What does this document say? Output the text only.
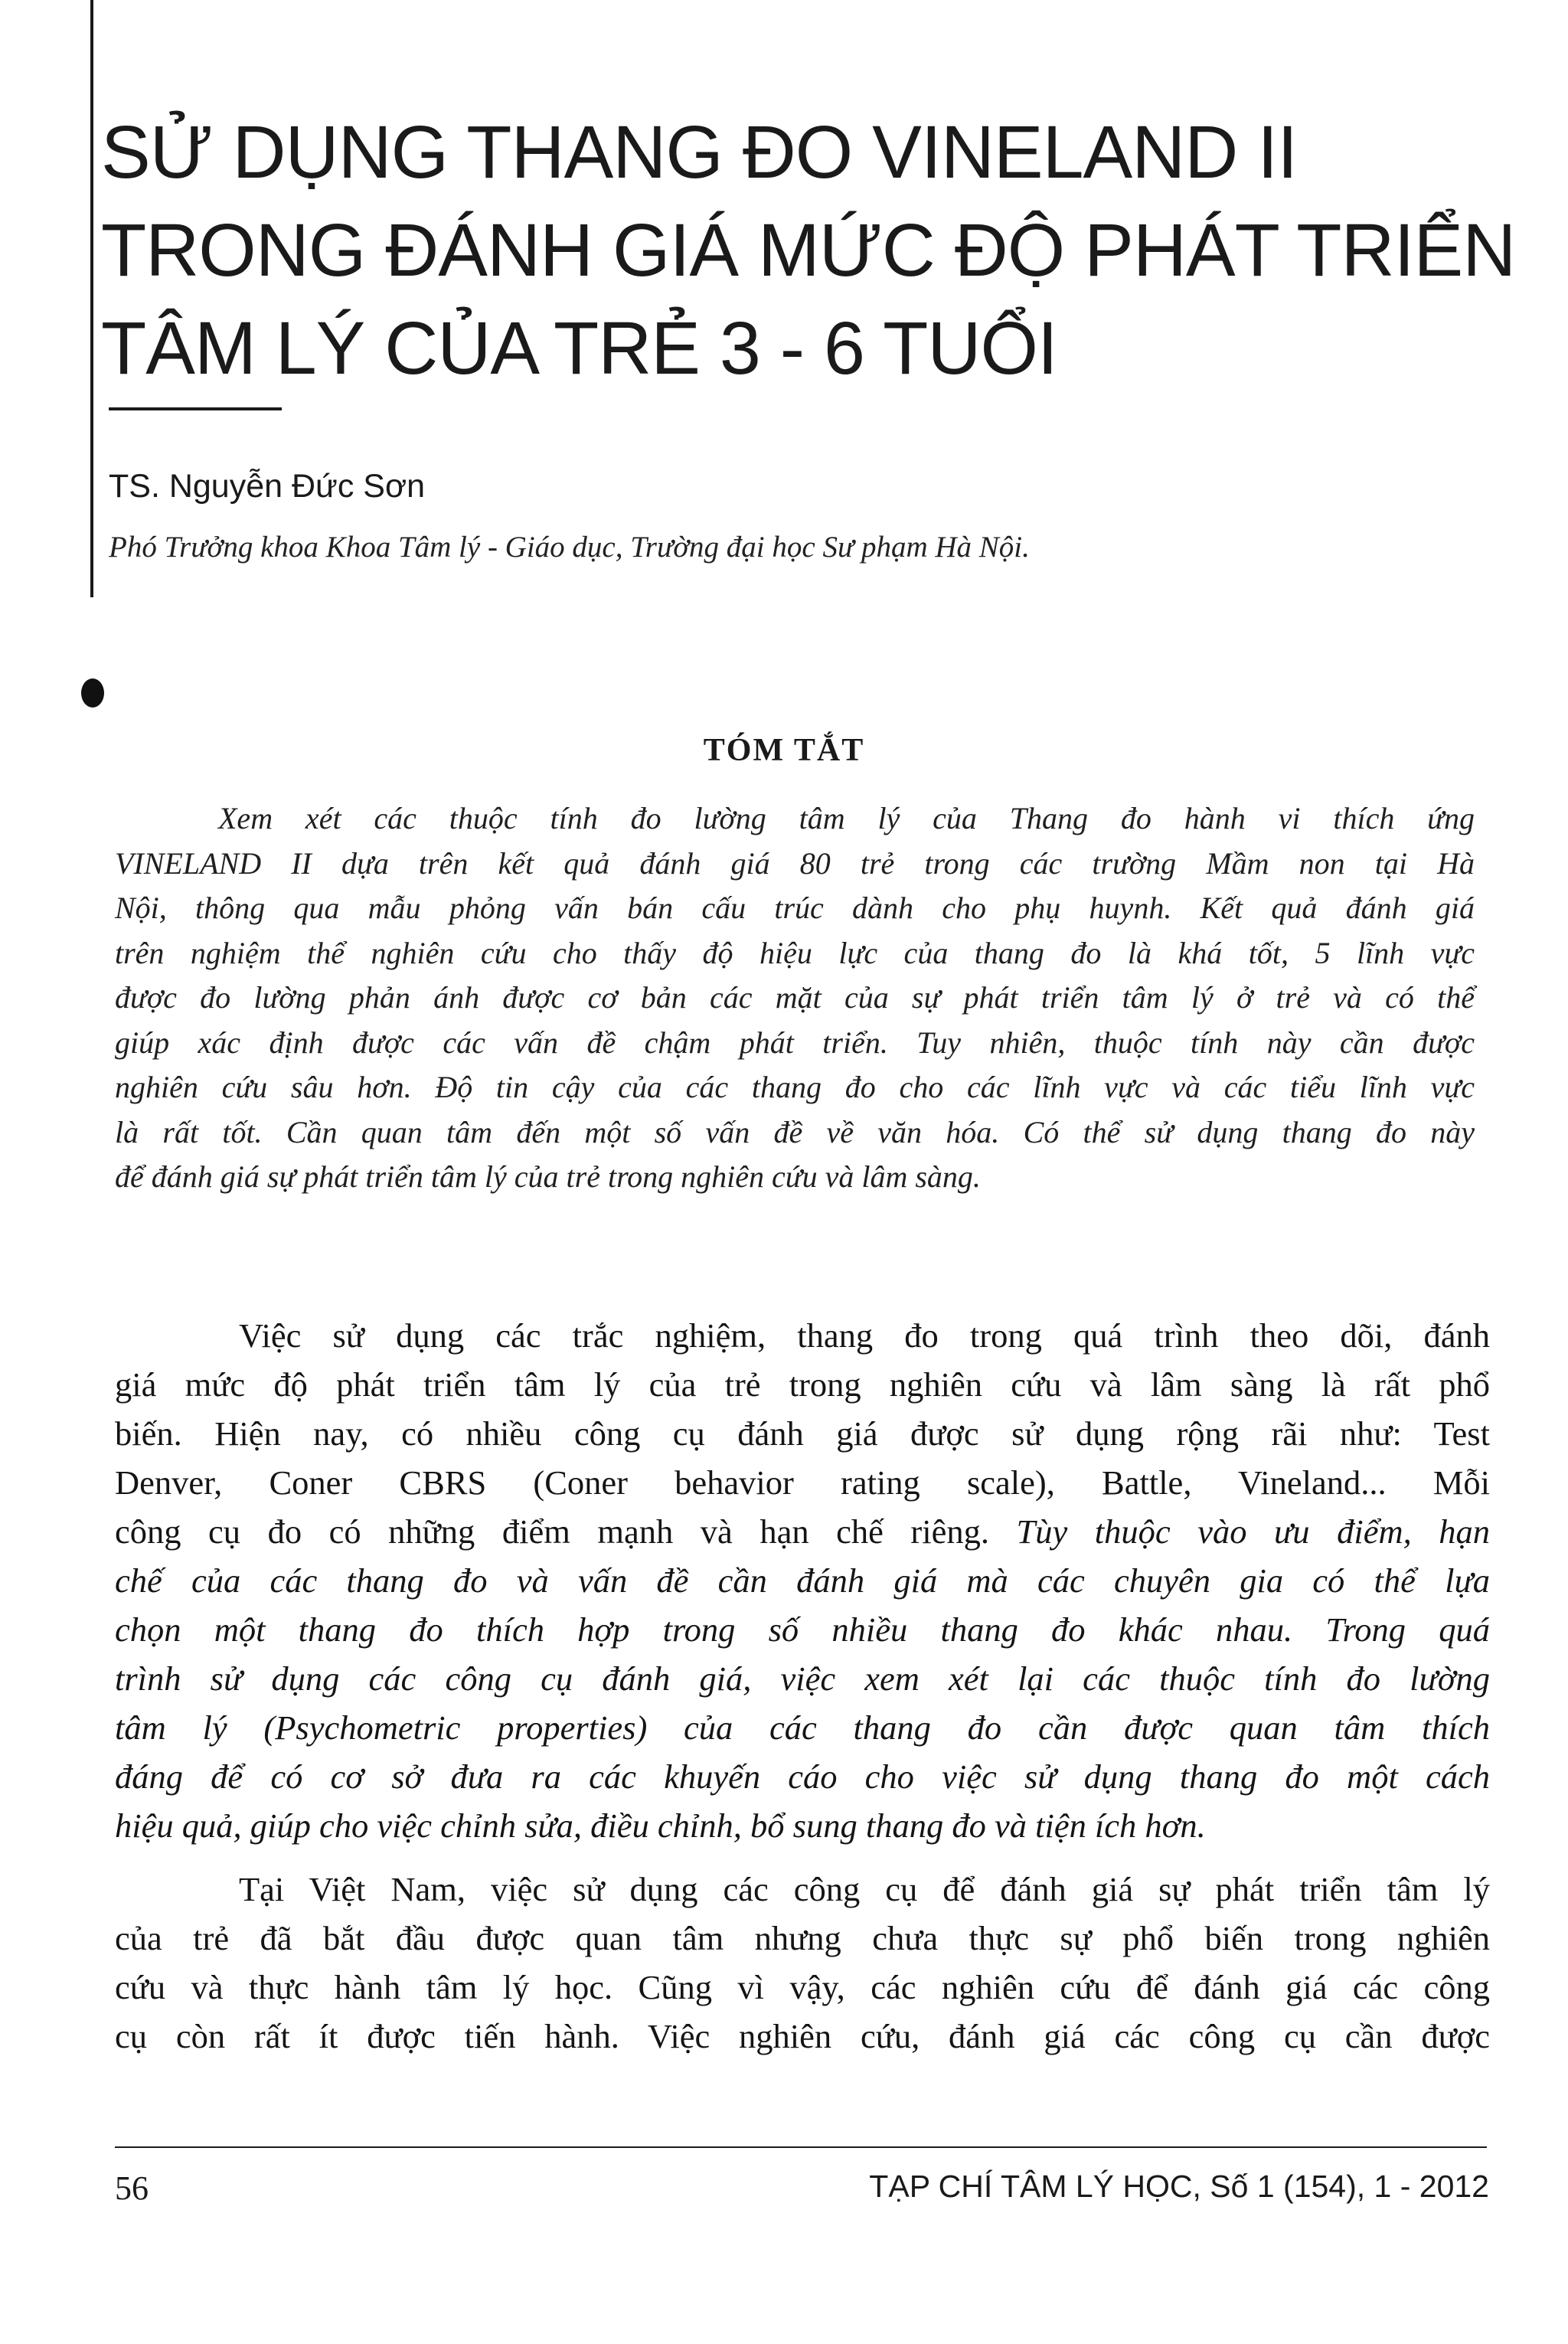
SỬ DỤNG THANG ĐO VINELAND II
TRONG ĐÁNH GIÁ MỨC ĐỘ PHÁT TRIỂN
TÂM LÝ CỦA TRẺ 3 - 6 TUỔI
TS. Nguyễn Đức Sơn
Phó Trưởng khoa Khoa Tâm lý - Giáo dục, Trường đại học Sư phạm Hà Nội.
TÓM TẮT
Xem xét các thuộc tính đo lường tâm lý của Thang đo hành vi thích ứng
VINELAND II dựa trên kết quả đánh giá 80 trẻ trong các trường Mầm non tại Hà
Nội, thông qua mẫu phỏng vấn bán cấu trúc dành cho phụ huynh. Kết quả đánh giá
trên nghiệm thể nghiên cứu cho thấy độ hiệu lực của thang đo là khá tốt, 5 lĩnh vực
được đo lường phản ánh được cơ bản các mặt của sự phát triển tâm lý ở trẻ và có thể
giúp xác định được các vấn đề chậm phát triển. Tuy nhiên, thuộc tính này cần được
nghiên cứu sâu hơn. Độ tin cậy của các thang đo cho các lĩnh vực và các tiểu lĩnh vực
là rất tốt. Cần quan tâm đến một số vấn đề về văn hóa. Có thể sử dụng thang đo này
để đánh giá sự phát triển tâm lý của trẻ trong nghiên cứu và lâm sàng.
Việc sử dụng các trắc nghiệm, thang đo trong quá trình theo dõi, đánh
giá mức độ phát triển tâm lý của trẻ trong nghiên cứu và lâm sàng là rất phổ
biến. Hiện nay, có nhiều công cụ đánh giá được sử dụng rộng rãi như: Test
Denver, Coner CBRS (Coner behavior rating scale), Battle, Vineland... Mỗi
công cụ đo có những điểm mạnh và hạn chế riêng. Tùy thuộc vào ưu điểm, hạn
chế của các thang đo và vấn đề cần đánh giá mà các chuyên gia có thể lựa
chọn một thang đo thích hợp trong số nhiều thang đo khác nhau. Trong quá
trình sử dụng các công cụ đánh giá, việc xem xét lại các thuộc tính đo lường
tâm lý (Psychometric properties) của các thang đo cần được quan tâm thích
đáng để có cơ sở đưa ra các khuyến cáo cho việc sử dụng thang đo một cách
hiệu quả, giúp cho việc chỉnh sửa, điều chỉnh, bổ sung thang đo và tiện ích hơn.
Tại Việt Nam, việc sử dụng các công cụ để đánh giá sự phát triển tâm lý
của trẻ đã bắt đầu được quan tâm nhưng chưa thực sự phổ biến trong nghiên
cứu và thực hành tâm lý học. Cũng vì vậy, các nghiên cứu để đánh giá các công
cụ còn rất ít được tiến hành. Việc nghiên cứu, đánh giá các công cụ cần được
56	TẠP CHÍ TÂM LÝ HỌC, Số 1 (154), 1 - 2012
